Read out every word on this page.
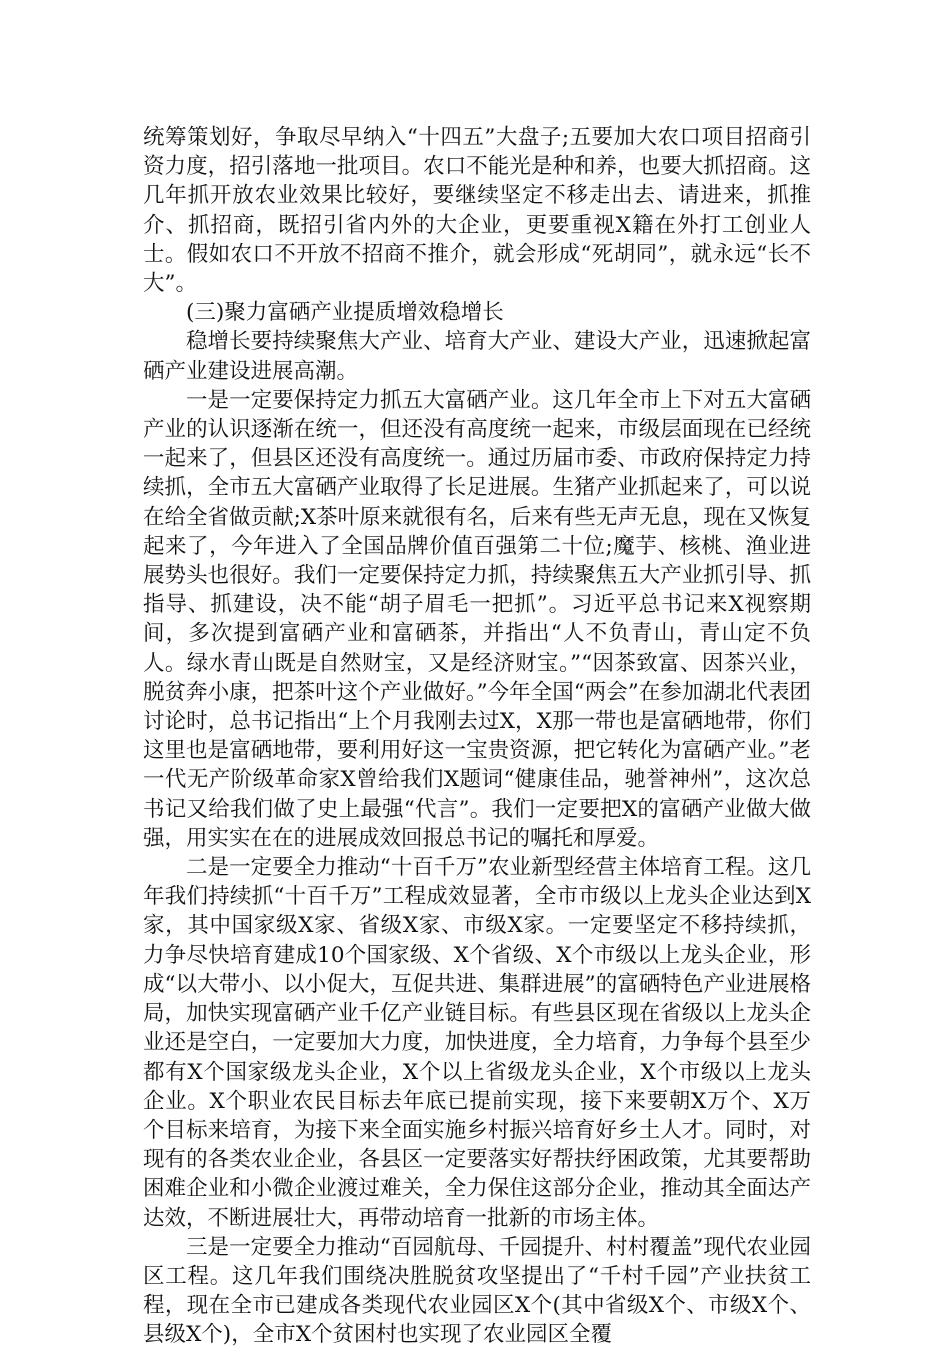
统筹策划好，争取尽早纳入“十四五”大盘子;五要加大农口项目招商引资力度，招引落地一批项目。农口不能光是种和养，也要大抓招商。这几年抓开放农业效果比较好，要继续坚定不移走出去、请进来，抓推介、抓招商，既招引省内外的大企业，更要重视X籍在外打工创业人士。假如农口不开放不招商不推介，就会形成“死胡同”，就永远“长不大”。

(三)聚力富硒产业提质增效稳增长

稳增长要持续聚焦大产业、培育大产业、建设大产业，迅速掀起富硒产业建设进展高潮。

一是一定要保持定力抓五大富硒产业。这几年全市上下对五大富硒产业的认识逐渐在统一，但还没有高度统一起来，市级层面现在已经统一起来了，但县区还没有高度统一。通过历届市委、市政府保持定力持续抓，全市五大富硒产业取得了长足进展。生猪产业抓起来了，可以说在给全省做贡献;X茶叶原来就很有名，后来有些无声无息，现在又恢复起来了，今年进入了全国品牌价值百强第二十位;魔芋、核桃、渔业进展势头也很好。我们一定要保持定力抓，持续聚焦五大产业抓引导、抓指导、抓建设，决不能“胡子眉毛一把抓”。习近平总书记来X视察期间，多次提到富硒产业和富硒茶，并指出“人不负青山，青山定不负人。绿水青山既是自然财宝，又是经济财宝。”“因茶致富、因茶兴业，脱贫奔小康，把茶叶这个产业做好。”今年全国“两会”在参加湖北代表团讨论时，总书记指出“上个月我刚去过X，X那一带也是富硒地带，你们这里也是富硒地带，要利用好这一宝贵资源，把它转化为富硒产业。”老一代无产阶级革命家X曾给我们X题词“健康佳品，驰誉神州”，这次总书记又给我们做了史上最强“代言”。我们一定要把X的富硒产业做大做强，用实实在在的进展成效回报总书记的嘱托和厚爱。

二是一定要全力推动“十百千万”农业新型经营主体培育工程。这几年我们持续抓“十百千万”工程成效显著，全市市级以上龙头企业达到X家，其中国家级X家、省级X家、市级X家。一定要坚定不移持续抓，力争尽快培育建成10个国家级、X个省级、X个市级以上龙头企业，形成“以大带小、以小促大，互促共进、集群进展”的富硒特色产业进展格局，加快实现富硒产业千亿产业链目标。有些县区现在省级以上龙头企业还是空白，一定要加大力度，加快进度，全力培育，力争每个县至少都有X个国家级龙头企业，X个以上省级龙头企业，X个市级以上龙头企业。X个职业农民目标去年底已提前实现，接下来要朝X万个、X万个目标来培育，为接下来全面实施乡村振兴培育好乡土人才。同时，对现有的各类农业企业，各县区一定要落实好帮扶纾困政策，尤其要帮助困难企业和小微企业渡过难关，全力保住这部分企业，推动其全面达产达效，不断进展壮大，再带动培育一批新的市场主体。

三是一定要全力推动“百园航母、千园提升、村村覆盖”现代农业园区工程。这几年我们围绕决胜脱贫攻坚提出了“千村千园”产业扶贫工程，现在全市已建成各类现代农业园区X个(其中省级X个、市级X个、县级X个)，全市X个贫困村也实现了农业园区全覆
